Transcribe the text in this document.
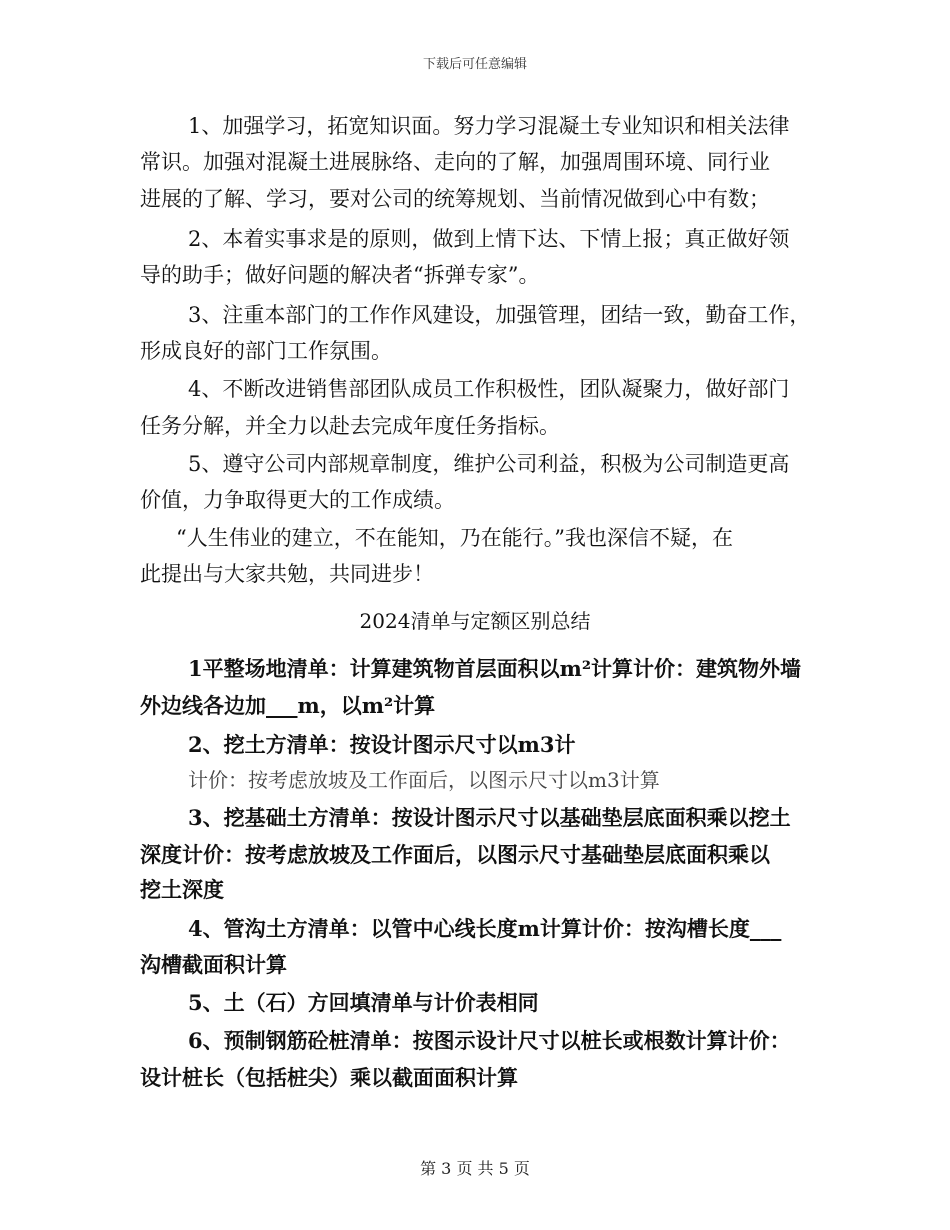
下载后可任意编辑
1、加强学习，拓宽知识面。努力学习混凝土专业知识和相关法律
常识。加强对混凝土进展脉络、走向的了解，加强周围环境、同行业
进展的了解、学习，要对公司的统筹规划、当前情况做到心中有数；
2、本着实事求是的原则，做到上情下达、下情上报；真正做好领
导的助手；做好问题的解决者“拆弹专家”。
3、注重本部门的工作作风建设，加强管理，团结一致，勤奋工作，
形成良好的部门工作氛围。
4、不断改进销售部团队成员工作积极性，团队凝聚力，做好部门
任务分解，并全力以赴去完成年度任务指标。
5、遵守公司内部规章制度，维护公司利益，积极为公司制造更高
价值，力争取得更大的工作成绩。
“人生伟业的建立，不在能知，乃在能行。”我也深信不疑，在
此提出与大家共勉，共同进步！
2024清单与定额区别总结
1平整场地清单：计算建筑物首层面积以m²计算计价：建筑物外墙
外边线各边加___m，以m²计算
2、挖土方清单：按设计图示尺寸以m3计
计价：按考虑放坡及工作面后，以图示尺寸以m3计算
3、挖基础土方清单：按设计图示尺寸以基础垫层底面积乘以挖土
深度计价：按考虑放坡及工作面后，以图示尺寸基础垫层底面积乘以
挖土深度
4、管沟土方清单：以管中心线长度m计算计价：按沟槽长度___
沟槽截面积计算
5、土（石）方回填清单与计价表相同
6、预制钢筋砼桩清单：按图示设计尺寸以桩长或根数计算计价：
设计桩长（包括桩尖）乘以截面面积计算
第 3 页 共 5 页
